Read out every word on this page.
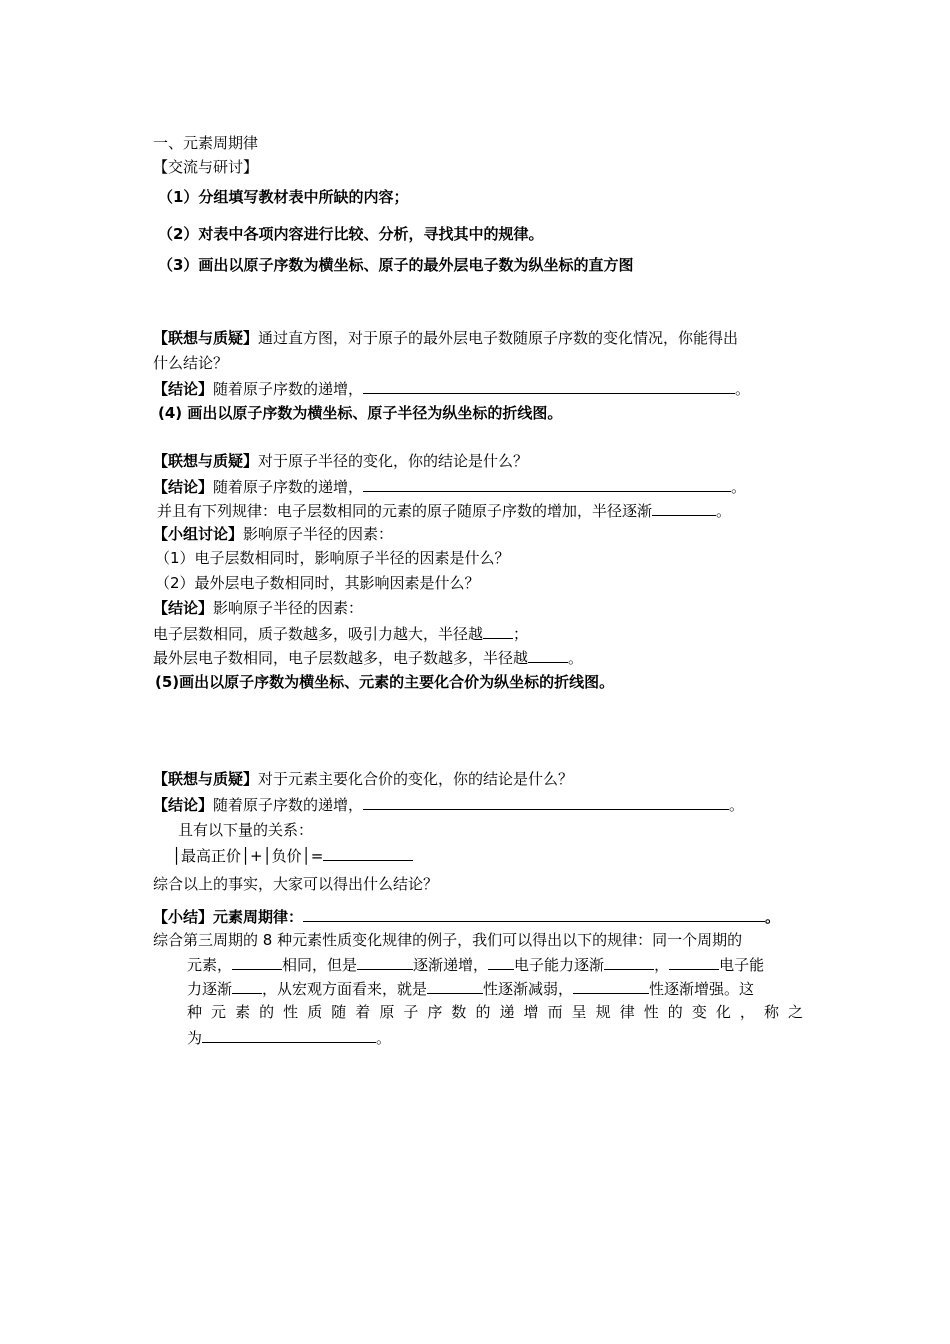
一、元素周期律
【交流与研讨】
（1）分组填写教材表中所缺的内容；
（2）对表中各项内容进行比较、分析，寻找其中的规律。
（3）画出以原子序数为横坐标、原子的最外层电子数为纵坐标的直方图
【联想与质疑】通过直方图，对于原子的最外层电子数随原子序数的变化情况，你能得出
什么结论？
【结论】随着原子序数的递增，	。
(4) 画出以原子序数为横坐标、原子半径为纵坐标的折线图。
【联想与质疑】对于原子半径的变化，你的结论是什么？
【结论】随着原子序数的递增，	。
并且有下列规律：电子层数相同的元素的原子随原子序数的增加，半径逐渐	。
【小组讨论】影响原子半径的因素：
（1）电子层数相同时，影响原子半径的因素是什么？
（2）最外层电子数相同时，其影响因素是什么？
【结论】影响原子半径的因素：
电子层数相同，质子数越多，吸引力越大，半径越 ；
最外层电子数相同，电子层数越多，电子数越多，半径越	。
(5)画出以原子序数为横坐标、元素的主要化合价为纵坐标的折线图。
【联想与质疑】对于元素主要化合价的变化，你的结论是什么？
【结论】随着原子序数的递增，	。
且有以下量的关系：
│最高正价│+│负价│=
综合以上的事实，大家可以得出什么结论？
【小结】元素周期律：	。
综合第三周期的 8 种元素性质变化规律的例子，我们可以得出以下的规律：同一个周期的
元素，	相同，但是	逐渐递增， 电子能力逐渐	，	电子能
力逐渐 ，从宏观方面看来，就是	性逐渐减弱，	性逐渐增强。这
种元素的性质随着原子序数的递增而呈规律性的变化，称之
为	。
